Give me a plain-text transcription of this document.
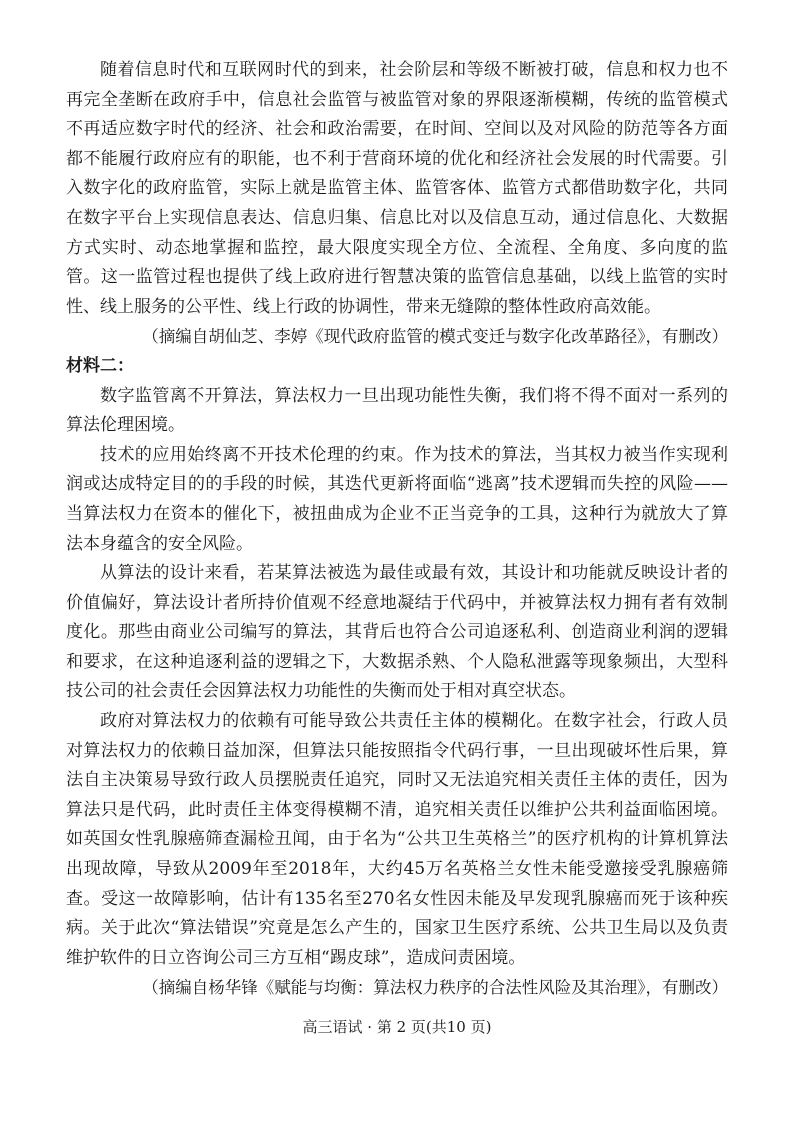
随着信息时代和互联网时代的到来，社会阶层和等级不断被打破，信息和权力也不再完全垄断在政府手中，信息社会监管与被监管对象的界限逐渐模糊，传统的监管模式不再适应数字时代的经济、社会和政治需要，在时间、空间以及对风险的防范等各方面都不能履行政府应有的职能，也不利于营商环境的优化和经济社会发展的时代需要。引入数字化的政府监管，实际上就是监管主体、监管客体、监管方式都借助数字化，共同在数字平台上实现信息表达、信息归集、信息比对以及信息互动，通过信息化、大数据方式实时、动态地掌握和监控，最大限度实现全方位、全流程、全角度、多向度的监管。这一监管过程也提供了线上政府进行智慧决策的监管信息基础，以线上监管的实时性、线上服务的公平性、线上行政的协调性，带来无缝隙的整体性政府高效能。

（摘编自胡仙芝、李婷《现代政府监管的模式变迁与数字化改革路径》，有删改）

材料二：

数字监管离不开算法，算法权力一旦出现功能性失衡，我们将不得不面对一系列的算法伦理困境。

技术的应用始终离不开技术伦理的约束。作为技术的算法，当其权力被当作实现利润或达成特定目的的手段的时候，其迭代更新将面临“逃离”技术逻辑而失控的风险——当算法权力在资本的催化下，被扭曲成为企业不正当竞争的工具，这种行为就放大了算法本身蕴含的安全风险。

从算法的设计来看，若某算法被选为最佳或最有效，其设计和功能就反映设计者的价值偏好，算法设计者所持价值观不经意地凝结于代码中，并被算法权力拥有者有效制度化。那些由商业公司编写的算法，其背后也符合公司追逐私利、创造商业利润的逻辑和要求，在这种追逐利益的逻辑之下，大数据杀熟、个人隐私泄露等现象频出，大型科技公司的社会责任会因算法权力功能性的失衡而处于相对真空状态。

政府对算法权力的依赖有可能导致公共责任主体的模糊化。在数字社会，行政人员对算法权力的依赖日益加深，但算法只能按照指令代码行事，一旦出现破坏性后果，算法自主决策易导致行政人员摆脱责任追究，同时又无法追究相关责任主体的责任，因为算法只是代码，此时责任主体变得模糊不清，追究相关责任以维护公共利益面临困境。如英国女性乳腺癌筛查漏检丑闻，由于名为“公共卫生英格兰”的医疗机构的计算机算法出现故障，导致从2009年至2018年，大约45万名英格兰女性未能受邀接受乳腺癌筛查。受这一故障影响，估计有135名至270名女性因未能及早发现乳腺癌而死于该种疾病。关于此次“算法错误”究竟是怎么产生的，国家卫生医疗系统、公共卫生局以及负责维护软件的日立咨询公司三方互相“踢皮球”，造成问责困境。

（摘编自杨华锋《赋能与均衡：算法权力秩序的合法性风险及其治理》，有删改）

高三语试 · 第 2 页(共10 页)
